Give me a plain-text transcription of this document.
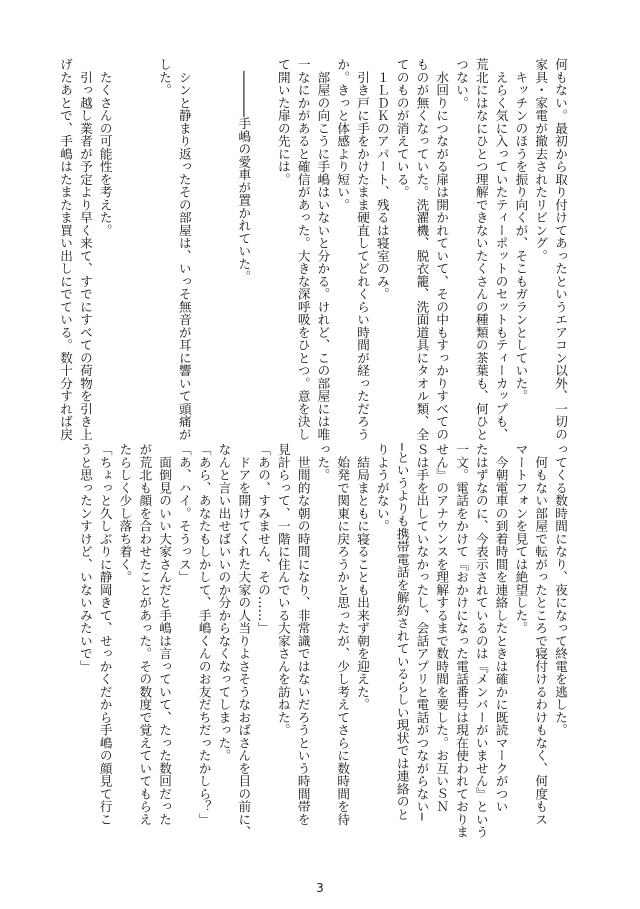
何もない。最初から取り付けてあったというエアコン以外、一切の
家具・家電が撤去されたリビング。
　キッチンのほうを振り向くが、そこもガランとしていた。
　えらく気に入っていたティーポットのセットもティーカップも、
荒北にはなにひとつ理解できないたくさんの種類の茶葉も、何ひと
つない。
　水回りにつながる扉は開かれていて、その中もすっかりすべての
ものが無くなっていた。洗濯機、脱衣籠、洗面道具にタオル類、全
てのものが消えている。
　１ＬＤＫのアパート、残るは寝室のみ。
　引き戸に手をかけたまま硬直してどれくらい時間が経っただろう
か。きっと体感より短い。
　部屋の向こうに手嶋はいないと分かる。けれど、この部屋には唯
一なにかがあると確信があった。大きな深呼吸をひとつ。意を決し
て開いた扉の先には。

　──────手嶋の愛車が置かれていた。

　シンと静まり返ったその部屋は、いっそ無音が耳に響いて頭痛が
した。

　たくさんの可能性を考えた。
　引っ越し業者が予定より早く来て、すでにすべての荷物を引き上
げたあとで、手嶋はたまたま買い出しにでている。数十分すれば戻
ってくる数時間になり、夜になって終電を逃した。
　何もない部屋で転がったところで寝付けるわけもなく、何度もス
マートフォンを見ては絶望した。
　今朝電車の到着時間を連絡したときは確かに既読マークがつい
たはずなのに、今表示されているのは『メンバーがいません』という
一文。電話をかけて『おかけになった電話番号は現在使われておりま
せん』のアナウンスを理解するまで数時間を要した。お互いＳＮ
Ｓは手を出していなかったし、会話アプリと電話がつながらない─
─というよりも携帯電話を解約されているらしい現状では連絡のと
りようがない。
　結局まともに寝ることも出来ず朝を迎えた。
　始発で関東に戻ろうかと思ったが、少し考えてさらに数時間を待
った。
　世間的な朝の時間になり、非常識ではないだろうという時間帯を
見計らって、一階に住んでいる大家さんを訪ねた。
「あの、すみません、その……」
　ドアを開けてくれた大家の人当りよさそうなおばさんを目の前に、
なんと言い出せばいいのか分からなくなってしまった。
「あら、あなたもしかして、手嶋くんのお友だちだったかしら？」
「あ、ハイ。そうっス」
　面倒見のいい大家さんだと手嶋は言っていて、たった数回だった
が荒北も顔を合わせたことがあった。その数度で覚えていてもらえ
たらしく少し落ち着く。
「ちょっと久しぶりに静岡きて、せっかくだから手嶋の顔見て行こ
うと思ったンすけど、いないみたいで」
3
